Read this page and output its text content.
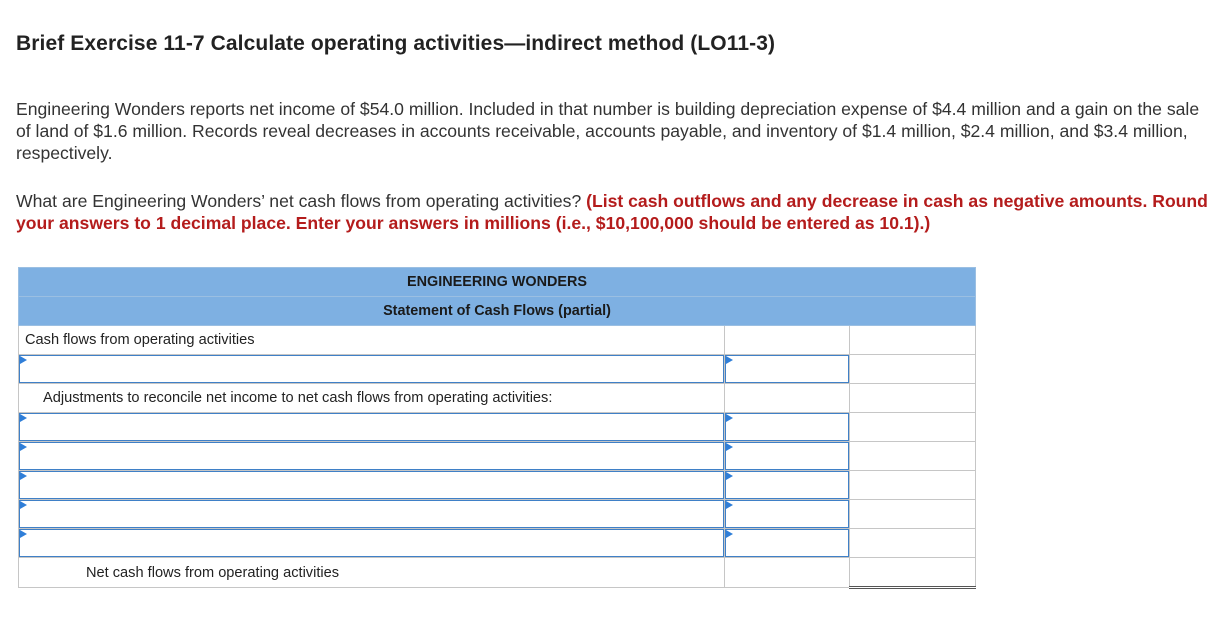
Brief Exercise 11-7 Calculate operating activities—indirect method (LO11-3)

Engineering Wonders reports net income of $54.0 million. Included in that number is building depreciation expense of $4.4 million and a gain on the sale of land of $1.6 million. Records reveal decreases in accounts receivable, accounts payable, and inventory of $1.4 million, $2.4 million, and $3.4 million, respectively.

What are Engineering Wonders’ net cash flows from operating activities? (List cash outflows and any decrease in cash as negative amounts. Round your answers to 1 decimal place. Enter your answers in millions (i.e., $10,100,000 should be entered as 10.1).)

ENGINEERING WONDERS		
Statement of Cash Flows (partial)		
Cash flows from operating activities		

Adjustments to reconcile net income to net cash flows from operating activities:		

Net cash flows from operating activities		
